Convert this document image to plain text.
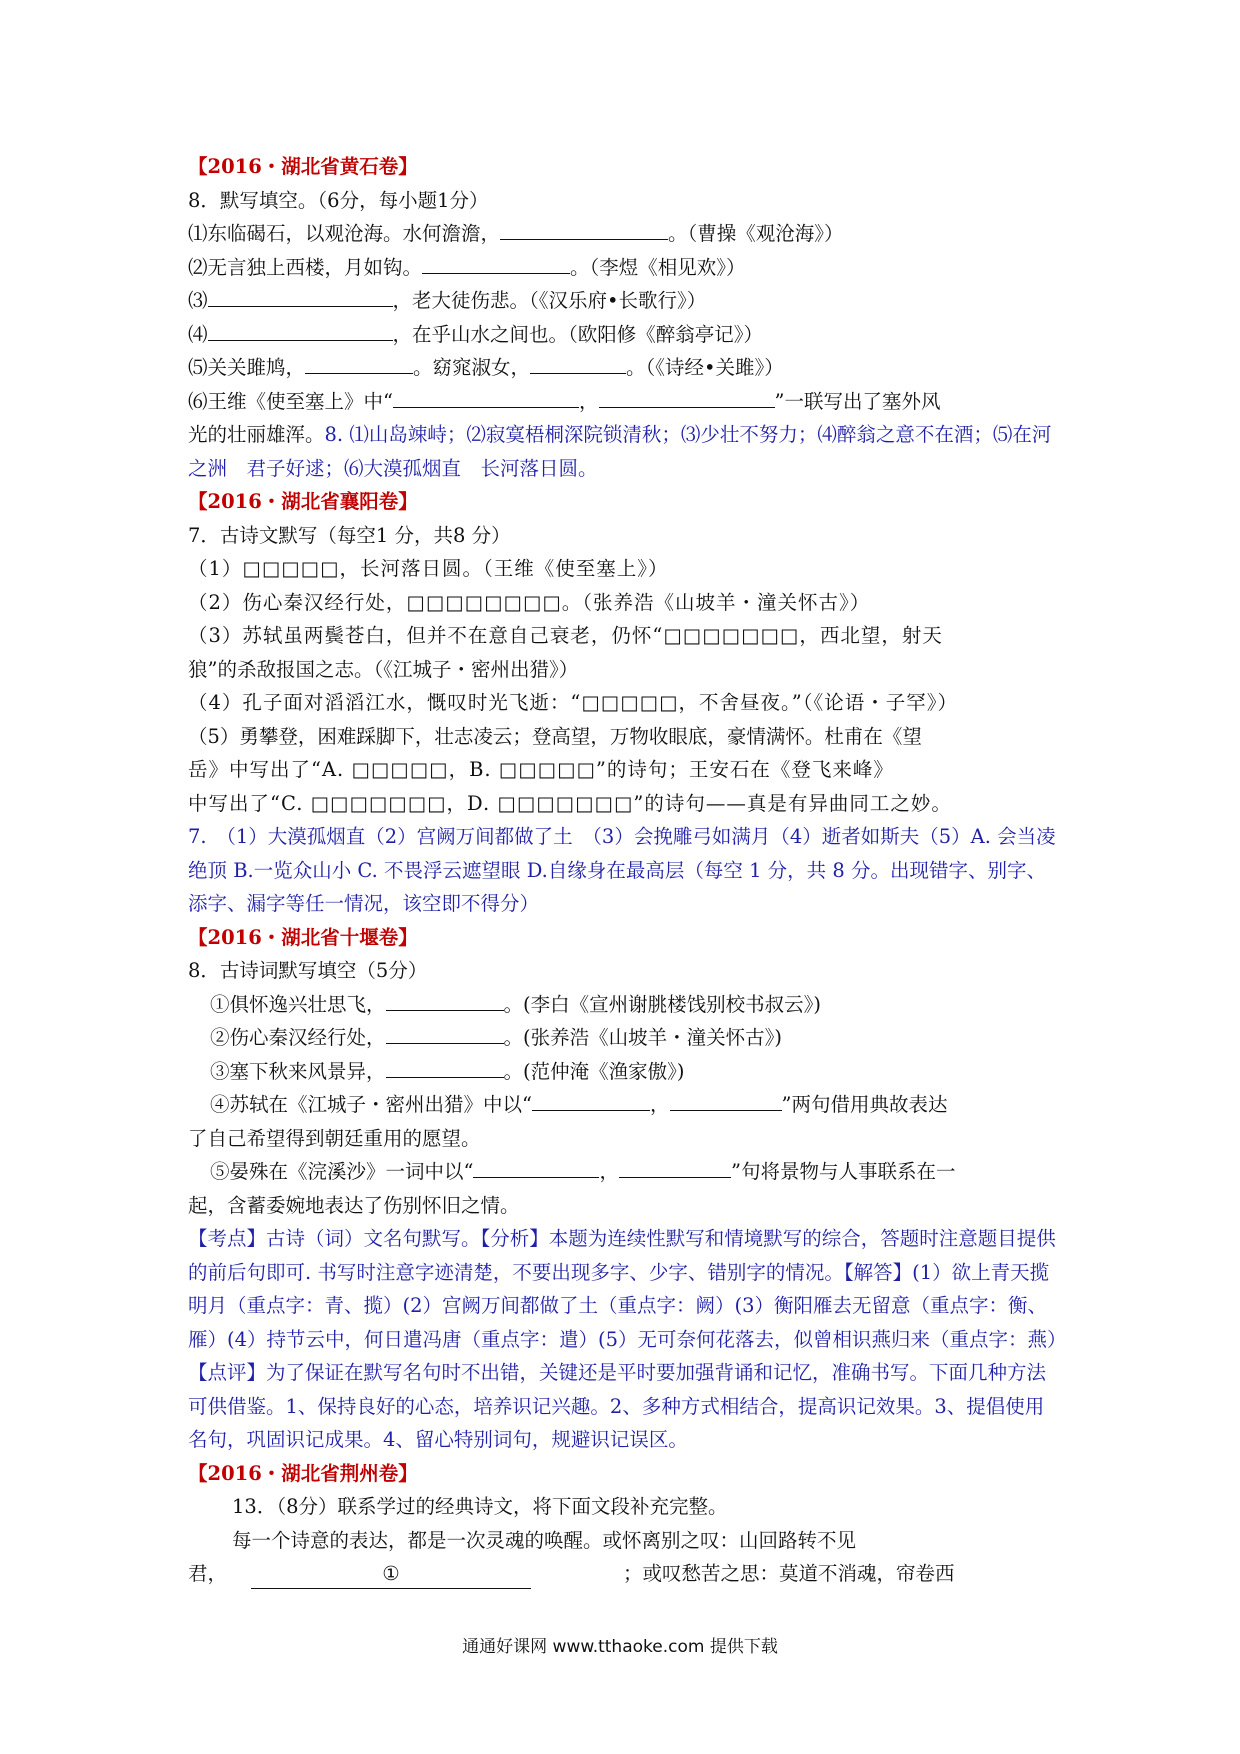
【2016・湖北省黄石卷】
8．默写填空。（6分，每小题1分）
⑴东临碣石，以观沧海。水何澹澹，	。（曹操《观沧海》）
⑵无言独上西楼，月如钩。	。（李煜《相见欢》）
⑶	，老大徒伤悲。（《汉乐府•长歌行》）
⑷	，在乎山水之间也。（欧阳修《醉翁亭记》）
⑸关关雎鸠，	。窈窕淑女，	。（《诗经•关雎》）
⑹王维《使至塞上》中“	，	”一联写出了塞外风
光的壮丽雄浑。8. ⑴山岛竦峙；⑵寂寞梧桐深院锁清秋；⑶少壮不努力；⑷醉翁之意不在酒；⑸在河之洲　君子好逑；⑹大漠孤烟直　长河落日圆。
【2016・湖北省襄阳卷】
7．古诗文默写（每空1 分，共8 分）
（1）□□□□□，长河落日圆。（王维《使至塞上》）
（2）伤心秦汉经行处，□□□□□□□□。（张养浩《山坡羊・潼关怀古》）
（3）苏轼虽两鬓苍白，但并不在意自己衰老，仍怀“□□□□□□□，西北望，射天
狼”的杀敌报国之志。（《江城子・密州出猎》）
（4）孔子面对滔滔江水，慨叹时光飞逝：“□□□□□，不舍昼夜。”（《论语・子罕》）
（5）勇攀登，困难踩脚下，壮志凌云；登高望，万物收眼底，豪情满怀。杜甫在《望
岳》中写出了“A. □□□□□，B. □□□□□”的诗句；王安石在《登飞来峰》
中写出了“C. □□□□□□□，D. □□□□□□□”的诗句——真是有异曲同工之妙。
7.　（1）大漠孤烟直（2）宫阙万间都做了土　（3）会挽雕弓如满月（4）逝者如斯夫（5）A. 会当凌绝顶 B.一览众山小 C. 不畏浮云遮望眼 D.自缘身在最高层（每空 1 分，共 8 分。出现错字、别字、添字、漏字等任一情况，该空即不得分）
【2016・湖北省十堰卷】
8．古诗词默写填空（5分）
①俱怀逸兴壮思飞，	。(李白《宣州谢朓楼饯别校书叔云》)
②伤心秦汉经行处，	。(张养浩《山坡羊・潼关怀古》)
③塞下秋来风景异，	。(范仲淹《渔家傲》)
④苏轼在《江城子・密州出猎》中以“	，	”两句借用典故表达
了自己希望得到朝廷重用的愿望。
⑤晏殊在《浣溪沙》一词中以“	，	”句将景物与人事联系在一
起，含蓄委婉地表达了伤别怀旧之情。
【考点】古诗（词）文名句默写。【分析】本题为连续性默写和情境默写的综合，答题时注意题目提供的前后句即可. 书写时注意字迹清楚，不要出现多字、少字、错别字的情况。【解答】(1）欲上青天揽明月（重点字：青、揽）(2）宫阙万间都做了土（重点字：阙）(3）衡阳雁去无留意（重点字：衡、雁）(4）持节云中，何日遣冯唐（重点字：遣）(5）无可奈何花落去，似曾相识燕归来（重点字：燕）【点评】为了保证在默写名句时不出错，关键还是平时要加强背诵和记忆，准确书写。下面几种方法可供借鉴。1、保持良好的心态，培养识记兴趣。2、多种方式相结合，提高识记效果。3、提倡使用名句，巩固识记成果。4、留心特别词句，规避识记误区。
【2016・湖北省荆州卷】
13．（8分）联系学过的经典诗文，将下面文段补充完整。
每一个诗意的表达，都是一次灵魂的唤醒。或怀离别之叹：山回路转不见
君，	①	；或叹愁苦之思：莫道不消魂，帘卷西
通通好课网 www.tthaoke.com 提供下载
